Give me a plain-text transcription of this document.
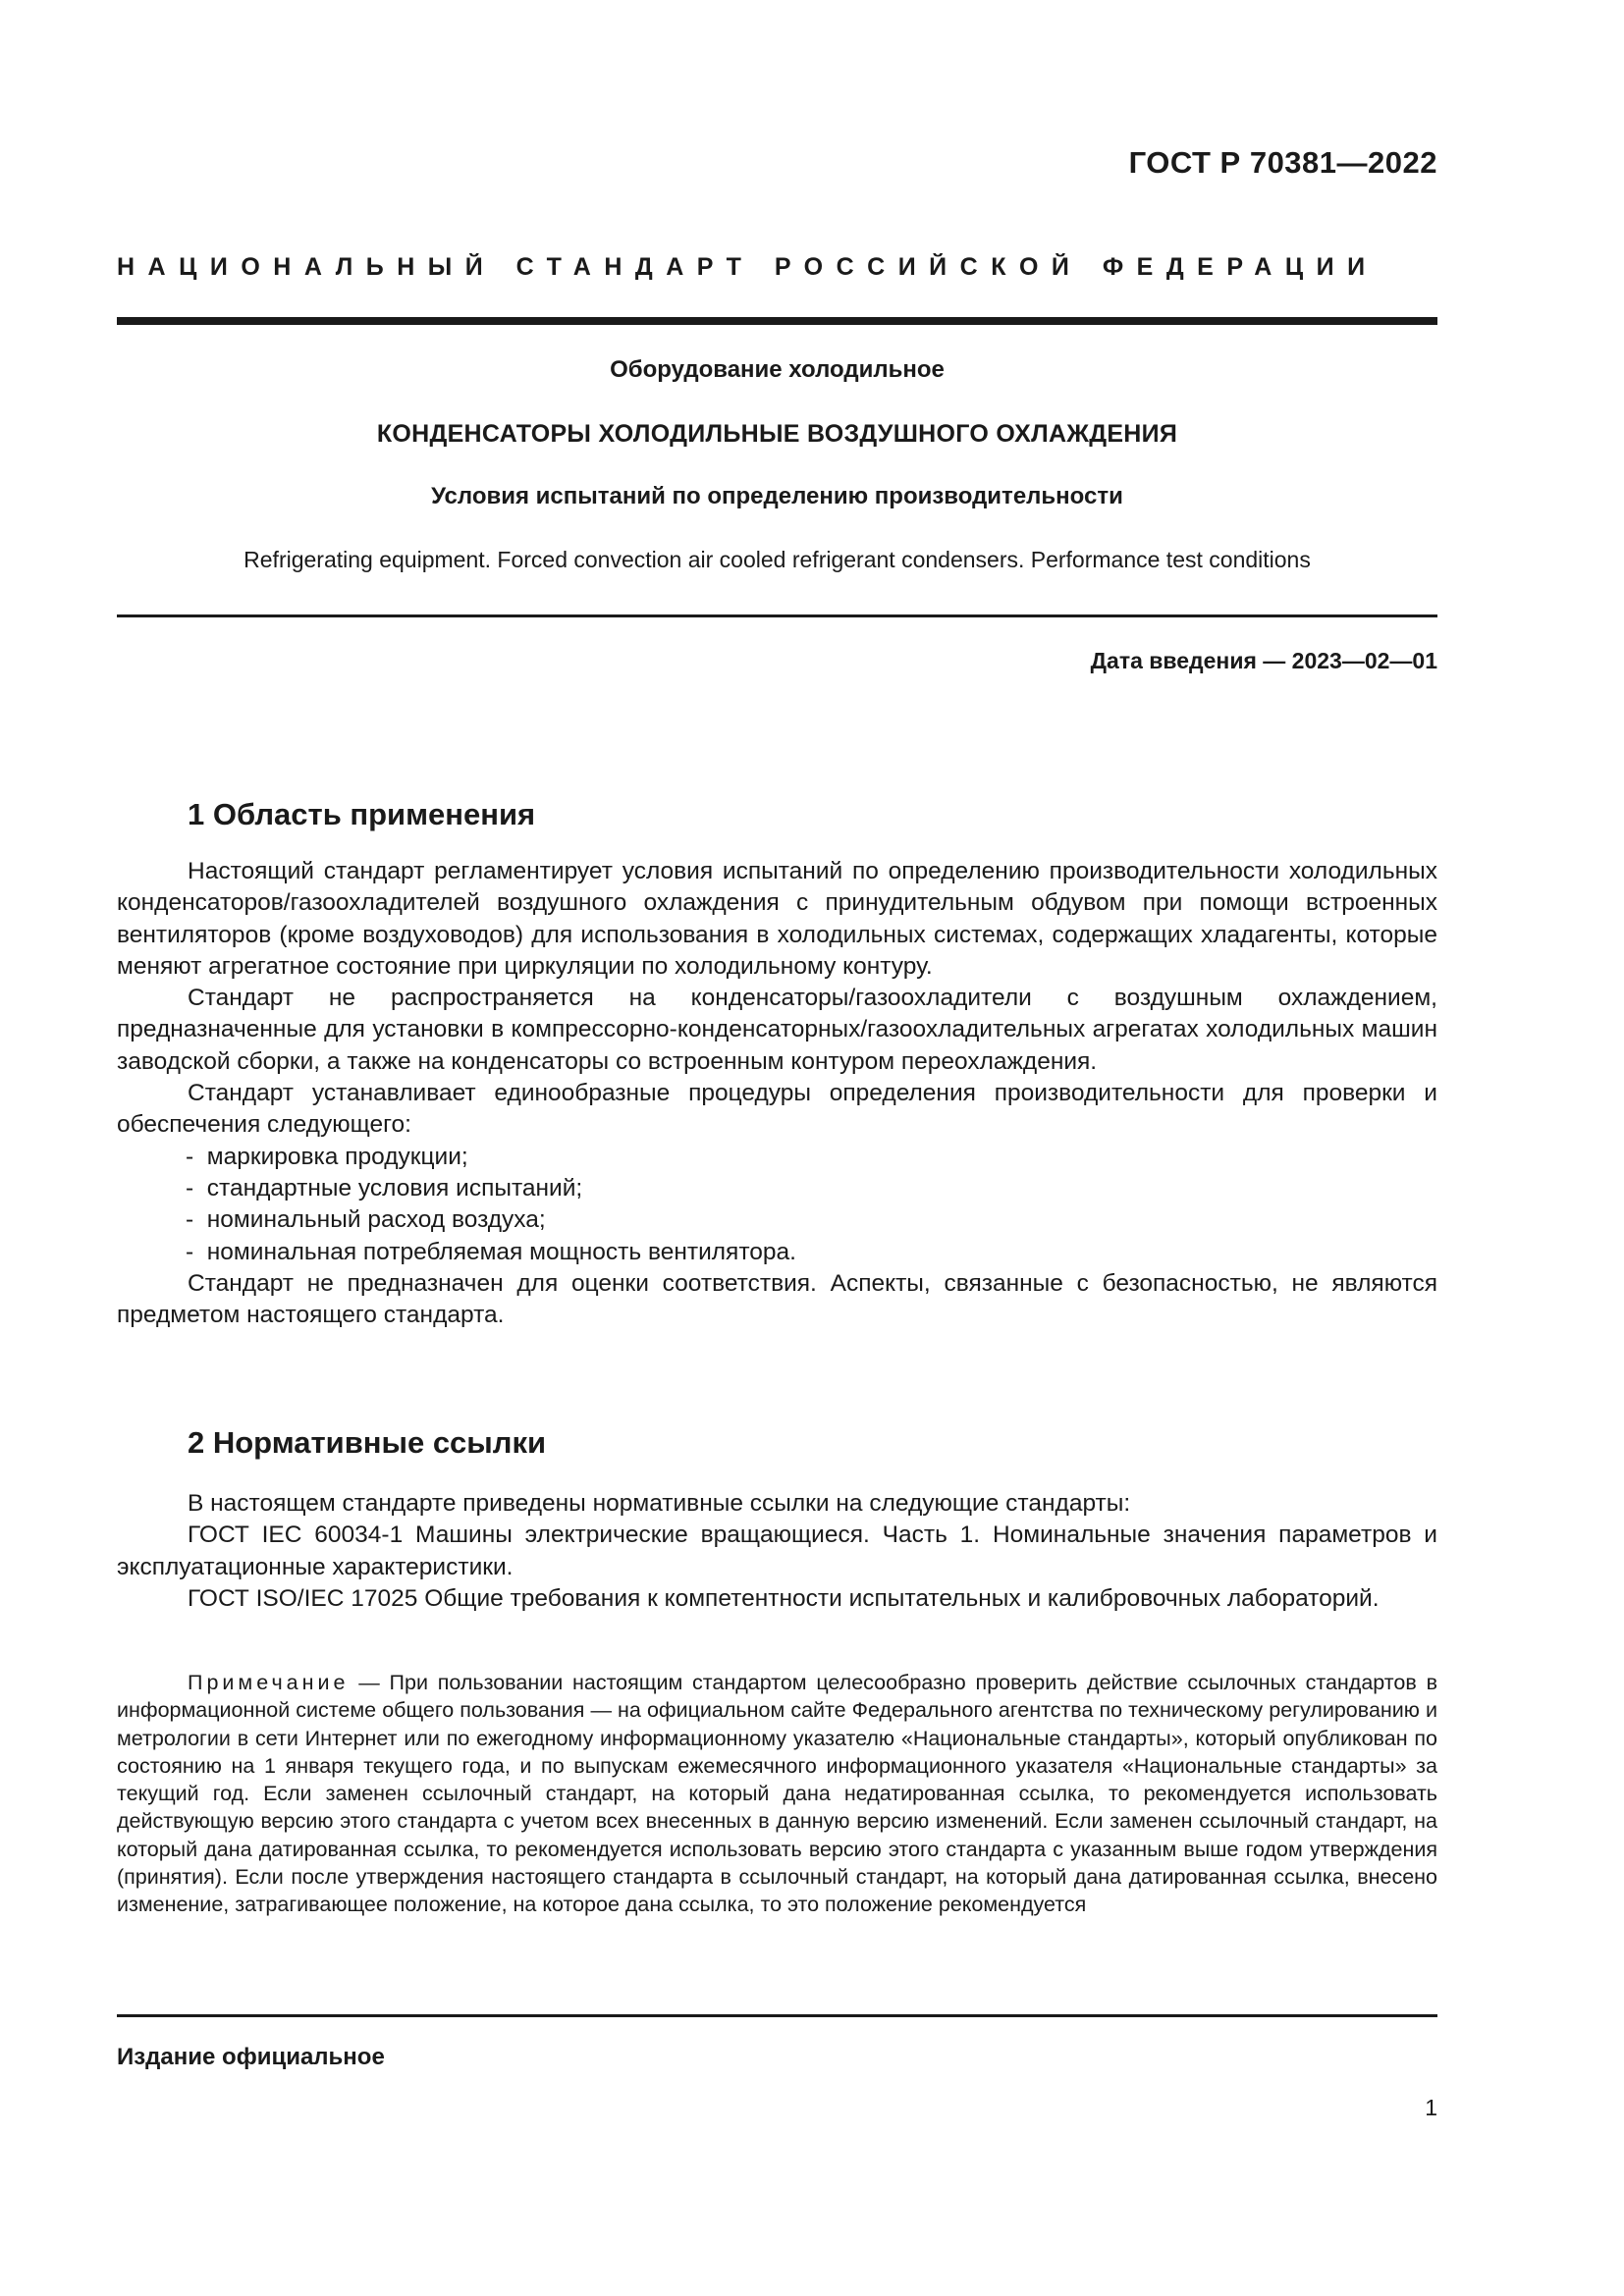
ГОСТ Р 70381—2022
НАЦИОНАЛЬНЫЙ СТАНДАРТ РОССИЙСКОЙ ФЕДЕРАЦИИ
Оборудование холодильное
КОНДЕНСАТОРЫ ХОЛОДИЛЬНЫЕ ВОЗДУШНОГО ОХЛАЖДЕНИЯ
Условия испытаний по определению производительности
Refrigerating equipment. Forced convection air cooled refrigerant condensers. Performance test conditions
Дата введения — 2023—02—01
1 Область применения

Настоящий стандарт регламентирует условия испытаний по определению производительности холодильных конденсаторов/газоохладителей воздушного охлаждения с принудительным обдувом при помощи встроенных вентиляторов (кроме воздуховодов) для использования в холодильных системах, содержащих хладагенты, которые меняют агрегатное состояние при циркуляции по холодильному контуру.

Стандарт не распространяется на конденсаторы/газоохладители с воздушным охлаждением, предназначенные для установки в компрессорно-конденсаторных/газоохладительных агрегатах холодильных машин заводской сборки, а также на конденсаторы со встроенным контуром переохлаждения.

Стандарт устанавливает единообразные процедуры определения производительности для проверки и обеспечения следующего:

-  маркировка продукции;
-  стандартные условия испытаний;
-  номинальный расход воздуха;
-  номинальная потребляемая мощность вентилятора.

Стандарт не предназначен для оценки соответствия. Аспекты, связанные с безопасностью, не являются предметом настоящего стандарта.

2 Нормативные ссылки

В настоящем стандарте приведены нормативные ссылки на следующие стандарты:

ГОСТ IEC 60034-1 Машины электрические вращающиеся. Часть 1. Номинальные значения параметров и эксплуатационные характеристики.

ГОСТ ISO/IEC 17025 Общие требования к компетентности испытательных и калибровочных лабораторий.

Примечание — При пользовании настоящим стандартом целесообразно проверить действие ссылочных стандартов в информационной системе общего пользования — на официальном сайте Федерального агентства по техническому регулированию и метрологии в сети Интернет или по ежегодному информационному указателю «Национальные стандарты», который опубликован по состоянию на 1 января текущего года, и по выпускам ежемесячного информационного указателя «Национальные стандарты» за текущий год. Если заменен ссылочный стандарт, на который дана недатированная ссылка, то рекомендуется использовать действующую версию этого стандарта с учетом всех внесенных в данную версию изменений. Если заменен ссылочный стандарт, на который дана датированная ссылка, то рекомендуется использовать версию этого стандарта с указанным выше годом утверждения (принятия). Если после утверждения настоящего стандарта в ссылочный стандарт, на который дана датированная ссылка, внесено изменение, затрагивающее положение, на которое дана ссылка, то это положение рекомендуется
Издание официальное
1
